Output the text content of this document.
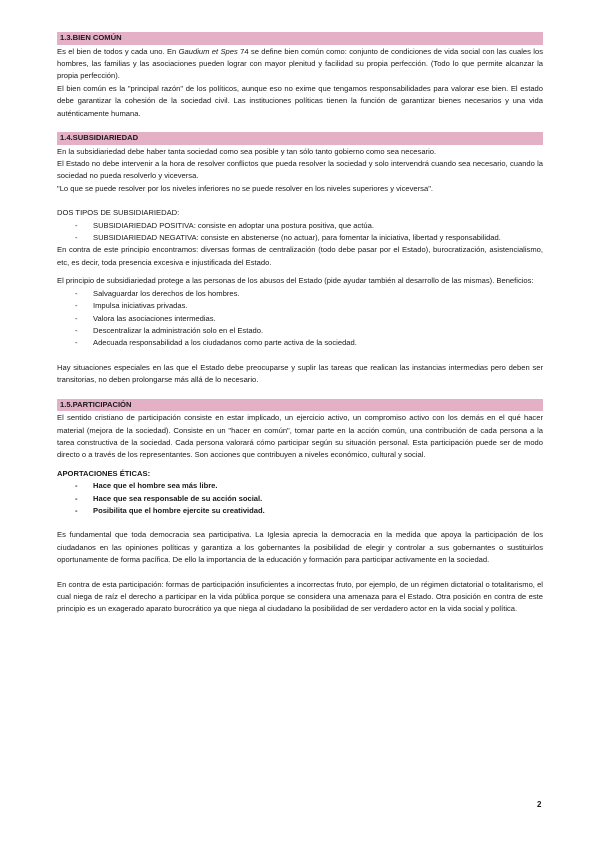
1.3.BIEN COMÚN

Es el bien de todos y cada uno. En Gaudium et Spes 74 se define bien común como: conjunto de condiciones de vida social con las cuales los hombres, las familias y las asociaciones pueden lograr con mayor plenitud y facilidad su propia perfección. (Todo lo que permite alcanzar la propia perfección).

El bien común es la "principal razón" de los políticos, aunque eso no exime que tengamos responsabilidades para valorar ese bien. El estado debe garantizar la cohesión de la sociedad civil. Las instituciones políticas tienen la función de garantizar bienes necesarios y una vida auténticamente humana.

1.4.SUBSIDIARIEDAD

En la subsidiariedad debe haber tanta sociedad como sea posible y tan sólo tanto gobierno como sea necesario.

El Estado no debe intervenir a la hora de resolver conflictos que pueda resolver la sociedad y solo intervendrá cuando sea necesario, cuando la sociedad no pueda resolverlo y viceversa.

"Lo que se puede resolver por los niveles inferiores no se puede resolver en los niveles superiores y viceversa".

DOS TIPOS DE SUBSIDIARIEDAD:

- SUBSIDIARIEDAD POSITIVA: consiste en adoptar una postura positiva, que actúa.
- SUBSIDIARIEDAD NEGATIVA: consiste en abstenerse (no actuar), para fomentar la iniciativa, libertad y responsabilidad.

En contra de este principio encontramos: diversas formas de centralización (todo debe pasar por el Estado), burocratización, asistencialismo, etc, es decir, toda presencia excesiva e injustificada del Estado.

El principio de subsidiariedad protege a las personas de los abusos del Estado (pide ayudar también al desarrollo de las mismas). Beneficios:

- Salvaguardar los derechos de los hombres.
- Impulsa iniciativas privadas.
- Valora las asociaciones intermedias.
- Descentralizar la administración solo en el Estado.
- Adecuada responsabilidad a los ciudadanos como parte activa de la sociedad.

Hay situaciones especiales en las que el Estado debe preocuparse y suplir las tareas que realican las instancias intermedias pero deben ser transitorias, no deben prolongarse más allá de lo necesario.

1.5.PARTICIPACIÓN

El sentido cristiano de participación consiste en estar implicado, un ejercicio activo, un compromiso activo con los demás en el qué hacer material (mejora de la sociedad). Consiste en un "hacer en común", tomar parte en la acción común, una contribución de cada persona a la tarea constructiva de la sociedad. Cada persona valorará cómo participar según su situación personal. Esta participación puede ser de modo directo o a través de los representantes. Son acciones que contribuyen a niveles económico, cultural y social.

APORTACIONES ÉTICAS:

- Hace que el hombre sea más libre.
- Hace que sea responsable de su acción social.
- Posibilita que el hombre ejercite su creatividad.

Es fundamental que toda democracia sea participativa. La Iglesia aprecia la democracia en la medida que apoya la participación de los ciudadanos en las opiniones políticas y garantiza a los gobernantes la posibilidad de elegir y controlar a sus gobernantes o sustituirlos oportunamente de forma pacífica. De ello la importancia de la educación y formación para participar activamente en la sociedad.

En contra de esta participación: formas de participación insuficientes a incorrectas fruto, por ejemplo, de un régimen dictatorial o totalitarismo, el cual niega de raíz el derecho a participar en la vida pública porque se considera una amenaza para el Estado. Otra posición en contra de este principio es un exagerado aparato burocrático ya que niega al ciudadano la posibilidad de ser verdadero actor en la vida social y política.

2
